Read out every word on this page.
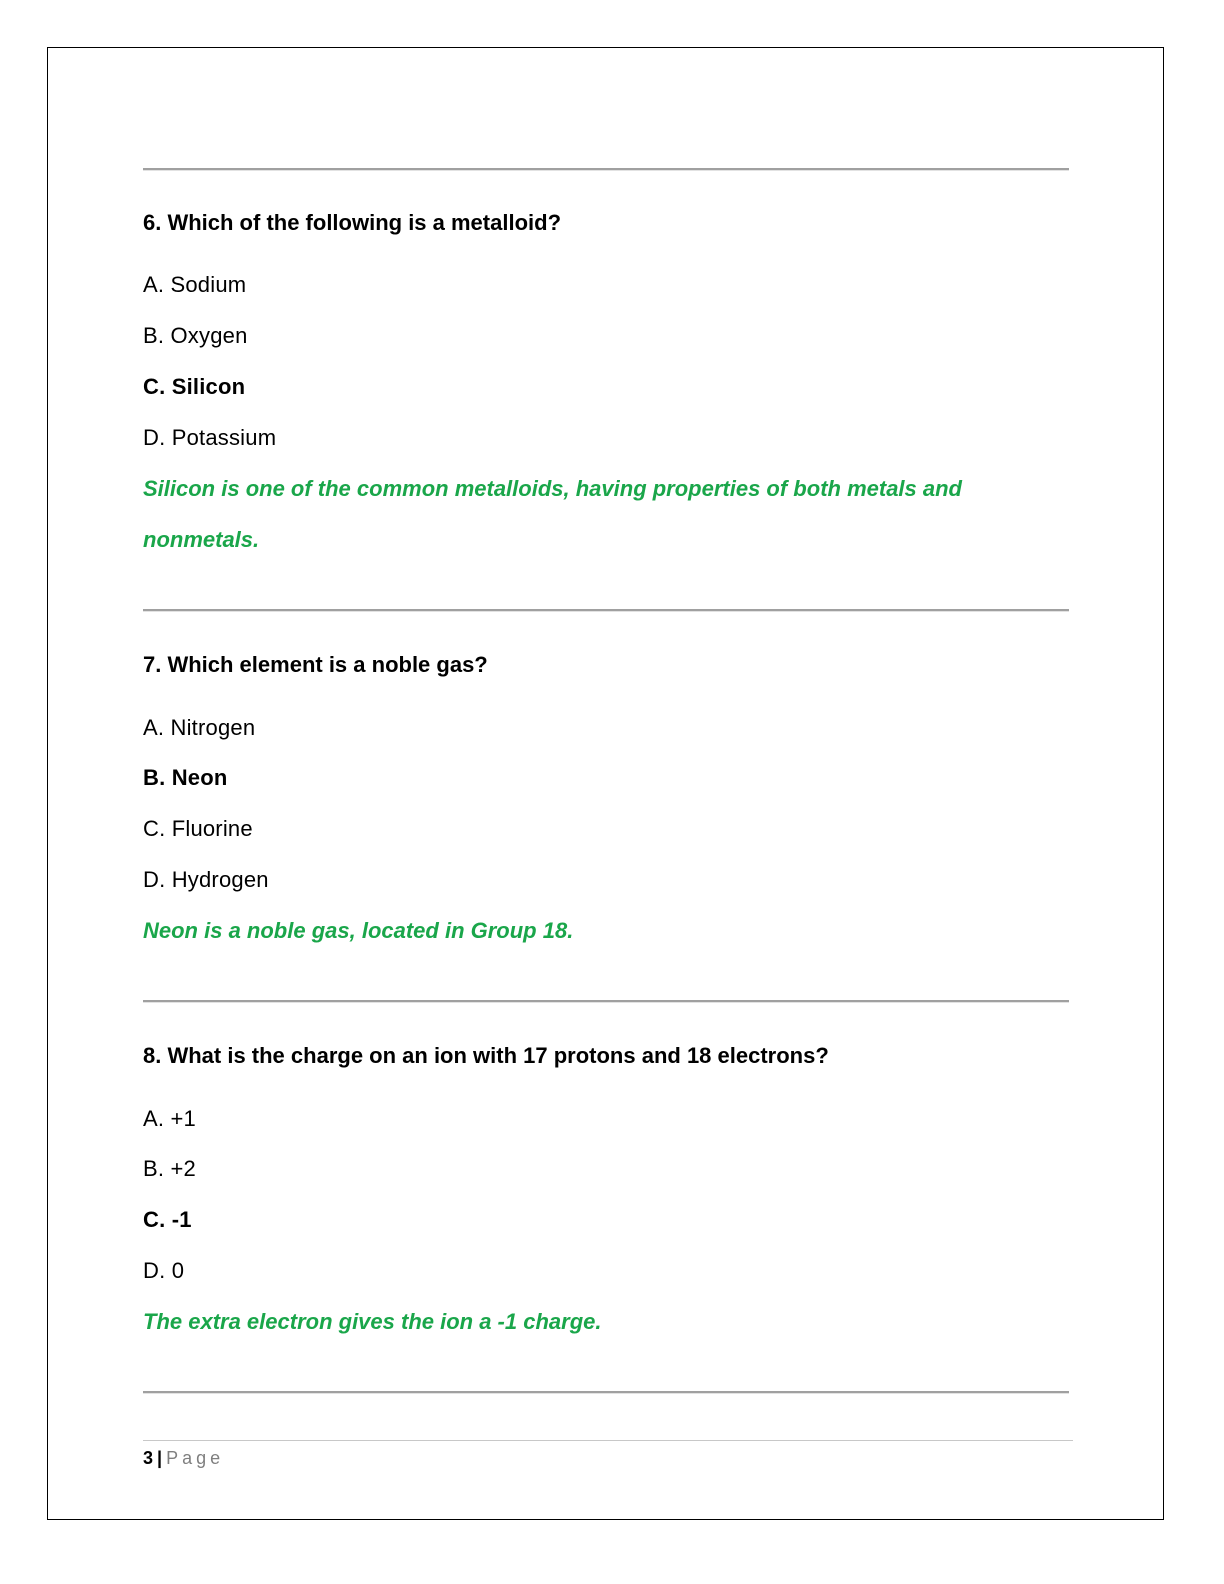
6. Which of the following is a metalloid?
A. Sodium
B. Oxygen
C. Silicon
D. Potassium
Silicon is one of the common metalloids, having properties of both metals and
nonmetals.
7. Which element is a noble gas?
A. Nitrogen
B. Neon
C. Fluorine
D. Hydrogen
Neon is a noble gas, located in Group 18.
8. What is the charge on an ion with 17 protons and 18 electrons?
A. +1
B. +2
C. -1
D. 0
The extra electron gives the ion a -1 charge.
3 | Page
